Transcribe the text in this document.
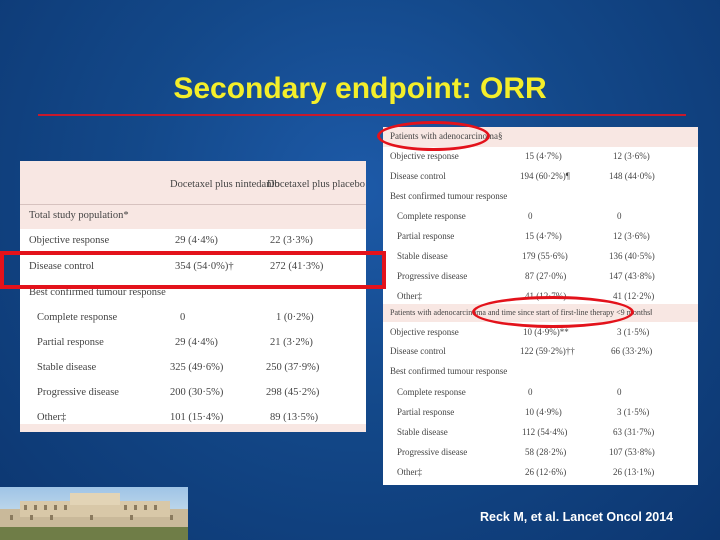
Secondary endpoint: ORR
Docetaxel plus nintedanib
Docetaxel plus placebo
Total study population*
Objective response	29 (4·4%)	22 (3·3%)
Disease control	354 (54·0%)†	272 (41·3%)
Best confirmed tumour response
Complete response	0	1 (0·2%)
Partial response	29 (4·4%)	21 (3·2%)
Stable disease	325 (49·6%)	250 (37·9%)
Progressive disease	200 (30·5%)	298 (45·2%)
Other‡	101 (15·4%)	89 (13·5%)
Patients with adenocarcinoma§
Objective response	15 (4·7%)	12 (3·6%)
Disease control	194 (60·2%)¶	148 (44·0%)
Best confirmed tumour response
Complete response	0	0
Partial response	15 (4·7%)	12 (3·6%)
Stable disease	179 (55·6%)	136 (40·5%)
Progressive disease	87 (27·0%)	147 (43·8%)
Other‡	41 (12·7%)	41 (12·2%)
Patients with adenocarcinoma and time since start of first-line therapy <9 months‖
Objective response	10 (4·9%)**	3 (1·5%)
Disease control	122 (59·2%)††	66 (33·2%)
Best confirmed tumour response
Complete response	0	0
Partial response	10 (4·9%)	3 (1·5%)
Stable disease	112 (54·4%)	63 (31·7%)
Progressive disease	58 (28·2%)	107 (53·8%)
Other‡	26 (12·6%)	26 (13·1%)
Reck M, et al. Lancet Oncol 2014
